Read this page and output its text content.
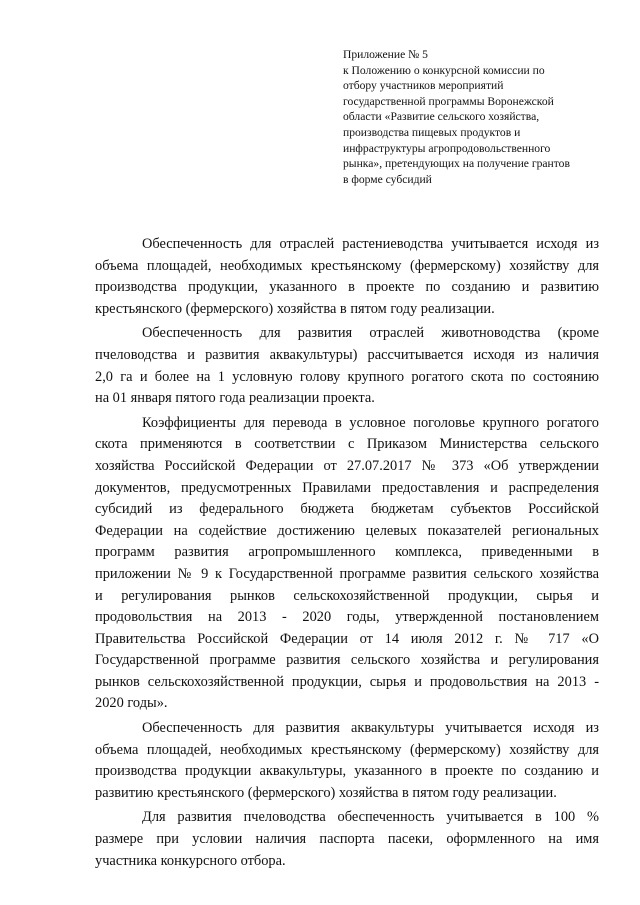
Приложение № 5
к Положению о конкурсной комиссии по
отбору участников мероприятий
государственной программы Воронежской
области «Развитие сельского хозяйства,
производства пищевых продуктов и
инфраструктуры агропродовольственного
рынка», претендующих на получение грантов
в форме субсидий
Обеспеченность для отраслей растениеводства учитывается исходя из
объема площадей, необходимых крестьянскому (фермерскому) хозяйству для
производства продукции, указанного в проекте по созданию и развитию
крестьянского (фермерского) хозяйства в пятом году реализации.
Обеспеченность для развития отраслей животноводства (кроме
пчеловодства и развития аквакультуры) рассчитывается исходя из наличия
2,0 га и более на 1 условную голову крупного рогатого скота по состоянию
на 01 января пятого года реализации проекта.
Коэффициенты для перевода в условное поголовье крупного рогатого
скота применяются в соответствии с Приказом Министерства сельского
хозяйства Российской Федерации от 27.07.2017 № 373 «Об утверждении
документов, предусмотренных Правилами предоставления и распределения
субсидий из федерального бюджета бюджетам субъектов Российской
Федерации на содействие достижению целевых показателей региональных
программ развития агропромышленного комплекса, приведенными в
приложении № 9 к Государственной программе развития сельского хозяйства
и регулирования рынков сельскохозяйственной продукции, сырья и
продовольствия на 2013 - 2020 годы, утвержденной постановлением
Правительства Российской Федерации от 14 июля 2012 г. № 717 «О
Государственной программе развития сельского хозяйства и регулирования
рынков сельскохозяйственной продукции, сырья и продовольствия на 2013 -
2020 годы».
Обеспеченность для развития аквакультуры учитывается исходя из
объема площадей, необходимых крестьянскому (фермерскому) хозяйству для
производства продукции аквакультуры, указанного в проекте по созданию и
развитию крестьянского (фермерского) хозяйства в пятом году реализации.
Для развития пчеловодства обеспеченность учитывается в 100 %
размере при условии наличия паспорта пасеки, оформленного на имя
участника конкурсного отбора.
